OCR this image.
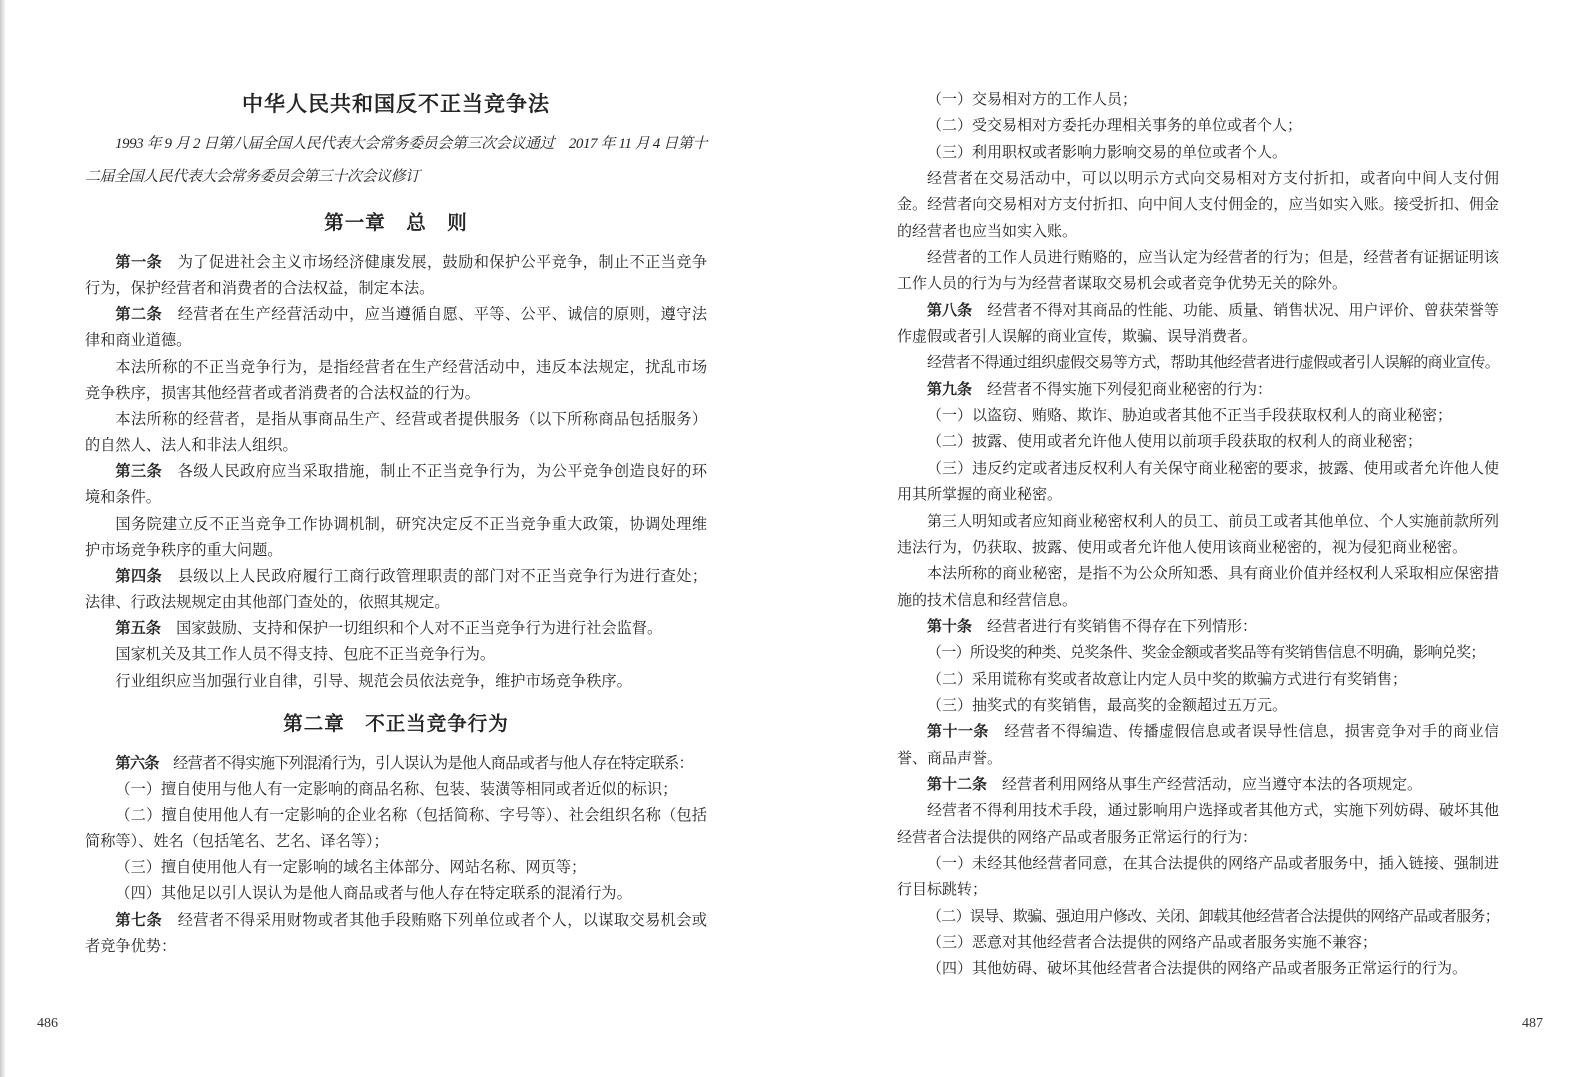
中华人民共和国反不正当竞争法

1993 年 9 月 2 日第八届全国人民代表大会常务委员会第三次会议通过　2017 年 11 月 4 日第十二届全国人民代表大会常务委员会第三十次会议修订

第一章　总　则

第一条　为了促进社会主义市场经济健康发展，鼓励和保护公平竞争，制止不正当竞争行为，保护经营者和消费者的合法权益，制定本法。

第二条　经营者在生产经营活动中，应当遵循自愿、平等、公平、诚信的原则，遵守法律和商业道德。

本法所称的不正当竞争行为，是指经营者在生产经营活动中，违反本法规定，扰乱市场竞争秩序，损害其他经营者或者消费者的合法权益的行为。

本法所称的经营者，是指从事商品生产、经营或者提供服务（以下所称商品包括服务）的自然人、法人和非法人组织。

第三条　各级人民政府应当采取措施，制止不正当竞争行为，为公平竞争创造良好的环境和条件。

国务院建立反不正当竞争工作协调机制，研究决定反不正当竞争重大政策，协调处理维护市场竞争秩序的重大问题。

第四条　县级以上人民政府履行工商行政管理职责的部门对不正当竞争行为进行查处；法律、行政法规规定由其他部门查处的，依照其规定。

第五条　国家鼓励、支持和保护一切组织和个人对不正当竞争行为进行社会监督。

国家机关及其工作人员不得支持、包庇不正当竞争行为。

行业组织应当加强行业自律，引导、规范会员依法竞争，维护市场竞争秩序。

第二章　不正当竞争行为

第六条　经营者不得实施下列混淆行为，引人误认为是他人商品或者与他人存在特定联系：

（一）擅自使用与他人有一定影响的商品名称、包装、装潢等相同或者近似的标识；

（二）擅自使用他人有一定影响的企业名称（包括简称、字号等）、社会组织名称（包括简称等）、姓名（包括笔名、艺名、译名等）；

（三）擅自使用他人有一定影响的域名主体部分、网站名称、网页等；

（四）其他足以引人误认为是他人商品或者与他人存在特定联系的混淆行为。

第七条　经营者不得采用财物或者其他手段贿赂下列单位或者个人，以谋取交易机会或者竞争优势：

（一）交易相对方的工作人员；

（二）受交易相对方委托办理相关事务的单位或者个人；

（三）利用职权或者影响力影响交易的单位或者个人。

经营者在交易活动中，可以以明示方式向交易相对方支付折扣，或者向中间人支付佣金。经营者向交易相对方支付折扣、向中间人支付佣金的，应当如实入账。接受折扣、佣金的经营者也应当如实入账。

经营者的工作人员进行贿赂的，应当认定为经营者的行为；但是，经营者有证据证明该工作人员的行为与为经营者谋取交易机会或者竞争优势无关的除外。

第八条　经营者不得对其商品的性能、功能、质量、销售状况、用户评价、曾获荣誉等作虚假或者引人误解的商业宣传，欺骗、误导消费者。

经营者不得通过组织虚假交易等方式，帮助其他经营者进行虚假或者引人误解的商业宣传。

第九条　经营者不得实施下列侵犯商业秘密的行为：

（一）以盗窃、贿赂、欺诈、胁迫或者其他不正当手段获取权利人的商业秘密；

（二）披露、使用或者允许他人使用以前项手段获取的权利人的商业秘密；

（三）违反约定或者违反权利人有关保守商业秘密的要求，披露、使用或者允许他人使用其所掌握的商业秘密。

第三人明知或者应知商业秘密权利人的员工、前员工或者其他单位、个人实施前款所列违法行为，仍获取、披露、使用或者允许他人使用该商业秘密的，视为侵犯商业秘密。

本法所称的商业秘密，是指不为公众所知悉、具有商业价值并经权利人采取相应保密措施的技术信息和经营信息。

第十条　经营者进行有奖销售不得存在下列情形：

（一）所设奖的种类、兑奖条件、奖金金额或者奖品等有奖销售信息不明确，影响兑奖；

（二）采用谎称有奖或者故意让内定人员中奖的欺骗方式进行有奖销售；

（三）抽奖式的有奖销售，最高奖的金额超过五万元。

第十一条　经营者不得编造、传播虚假信息或者误导性信息，损害竞争对手的商业信誉、商品声誉。

第十二条　经营者利用网络从事生产经营活动，应当遵守本法的各项规定。

经营者不得利用技术手段，通过影响用户选择或者其他方式，实施下列妨碍、破坏其他经营者合法提供的网络产品或者服务正常运行的行为：

（一）未经其他经营者同意，在其合法提供的网络产品或者服务中，插入链接、强制进行目标跳转；

（二）误导、欺骗、强迫用户修改、关闭、卸载其他经营者合法提供的网络产品或者服务；

（三）恶意对其他经营者合法提供的网络产品或者服务实施不兼容；

（四）其他妨碍、破坏其他经营者合法提供的网络产品或者服务正常运行的行为。

486	487
